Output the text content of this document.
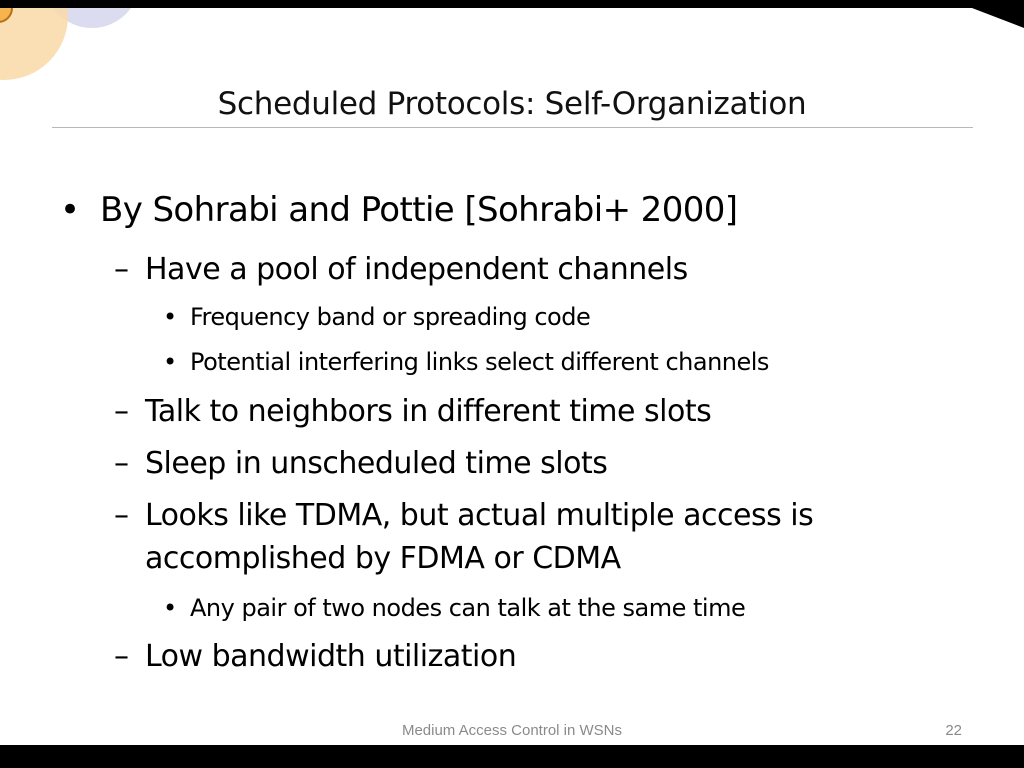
Scheduled Protocols: Self-Organization
• By Sohrabi and Pottie [Sohrabi+ 2000]
– Have a pool of independent channels
• Frequency band or spreading code
• Potential interfering links select different channels
– Talk to neighbors in different time slots
– Sleep in unscheduled time slots
– Looks like TDMA, but actual multiple access is
accomplished by FDMA or CDMA
• Any pair of two nodes can talk at the same time
– Low bandwidth utilization
Medium Access Control in WSNs	22
